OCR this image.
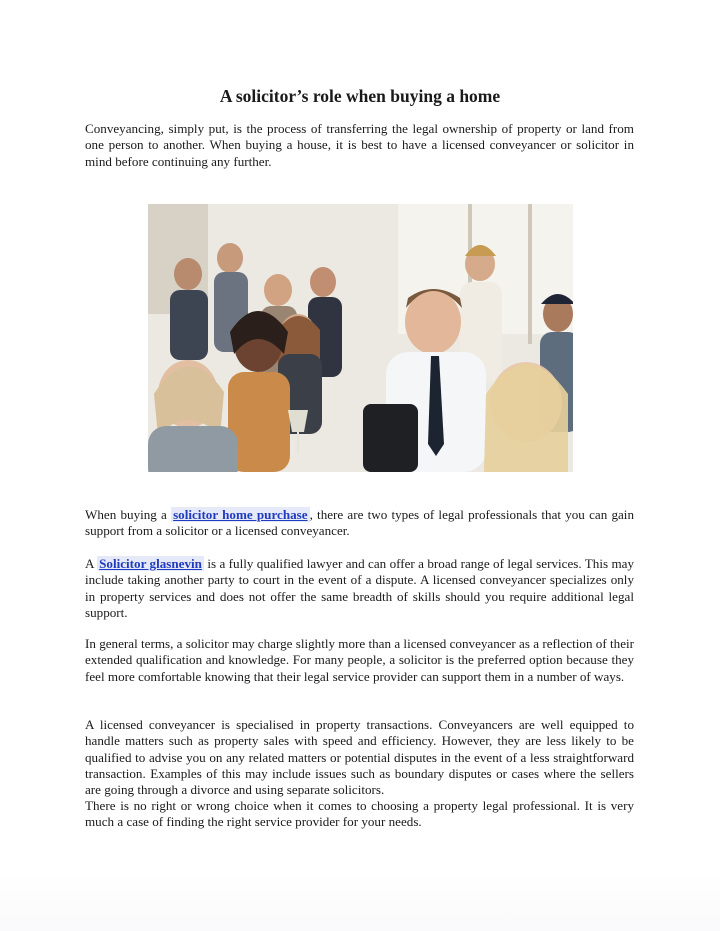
A solicitor’s role when buying a home

Conveyancing, simply put, is the process of transferring the legal ownership of property or land from one person to another. When buying a house, it is best to have a licensed conveyancer or solicitor in mind before continuing any further.

When buying a solicitor home purchase , there are two types of legal professionals that you can gain support from a solicitor or a licensed conveyancer.

A Solicitor glasnevin is a fully qualified lawyer and can offer a broad range of legal services. This may include taking another party to court in the event of a dispute. A licensed conveyancer specializes only in property services and does not offer the same breadth of skills should you require additional legal support.

In general terms, a solicitor may charge slightly more than a licensed conveyancer as a reflection of their extended qualification and knowledge. For many people, a solicitor is the preferred option because they feel more comfortable knowing that their legal service provider can support them in a number of ways.

A licensed conveyancer is specialised in property transactions. Conveyancers are well equipped to handle matters such as property sales with speed and efficiency. However, they are less likely to be qualified to advise you on any related matters or potential disputes in the event of a less straightforward transaction. Examples of this may include issues such as boundary disputes or cases where the sellers are going through a divorce and using separate solicitors.

There is no right or wrong choice when it comes to choosing a property legal professional. It is very much a case of finding the right service provider for your needs.
